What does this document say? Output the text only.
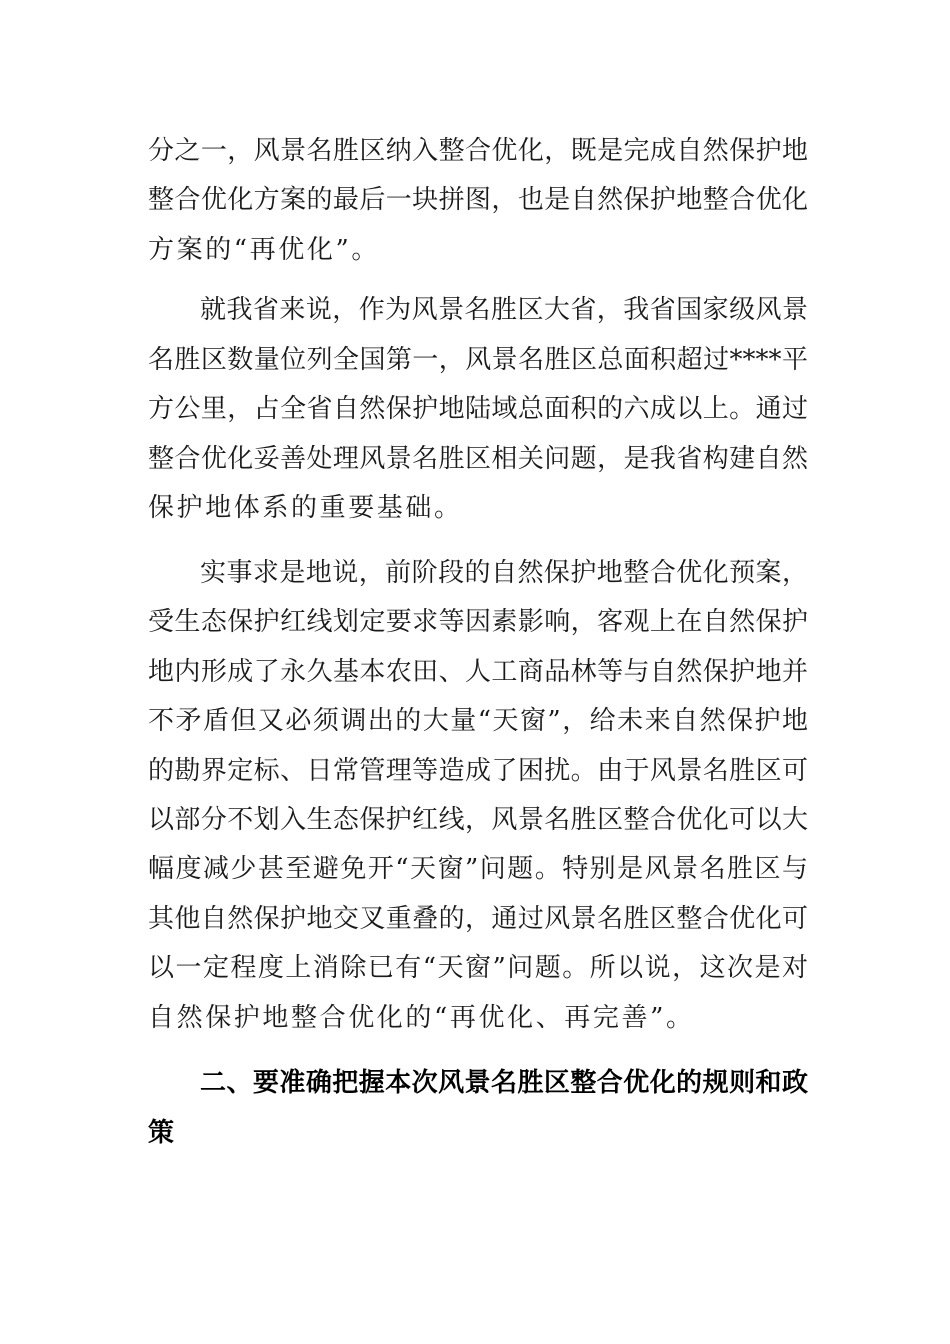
分之一，风景名胜区纳入整合优化，既是完成自然保护地
整合优化方案的最后一块拼图，也是自然保护地整合优化
方案的“再优化”。
就我省来说，作为风景名胜区大省，我省国家级风景
名胜区数量位列全国第一，风景名胜区总面积超过****平
方公里，占全省自然保护地陆域总面积的六成以上。通过
整合优化妥善处理风景名胜区相关问题，是我省构建自然
保护地体系的重要基础。
实事求是地说，前阶段的自然保护地整合优化预案，
受生态保护红线划定要求等因素影响，客观上在自然保护
地内形成了永久基本农田、人工商品林等与自然保护地并
不矛盾但又必须调出的大量“天窗”，给未来自然保护地
的勘界定标、日常管理等造成了困扰。由于风景名胜区可
以部分不划入生态保护红线，风景名胜区整合优化可以大
幅度减少甚至避免开“天窗”问题。特别是风景名胜区与
其他自然保护地交叉重叠的，通过风景名胜区整合优化可
以一定程度上消除已有“天窗”问题。所以说，这次是对
自然保护地整合优化的“再优化、再完善”。
二、要准确把握本次风景名胜区整合优化的规则和政
策
